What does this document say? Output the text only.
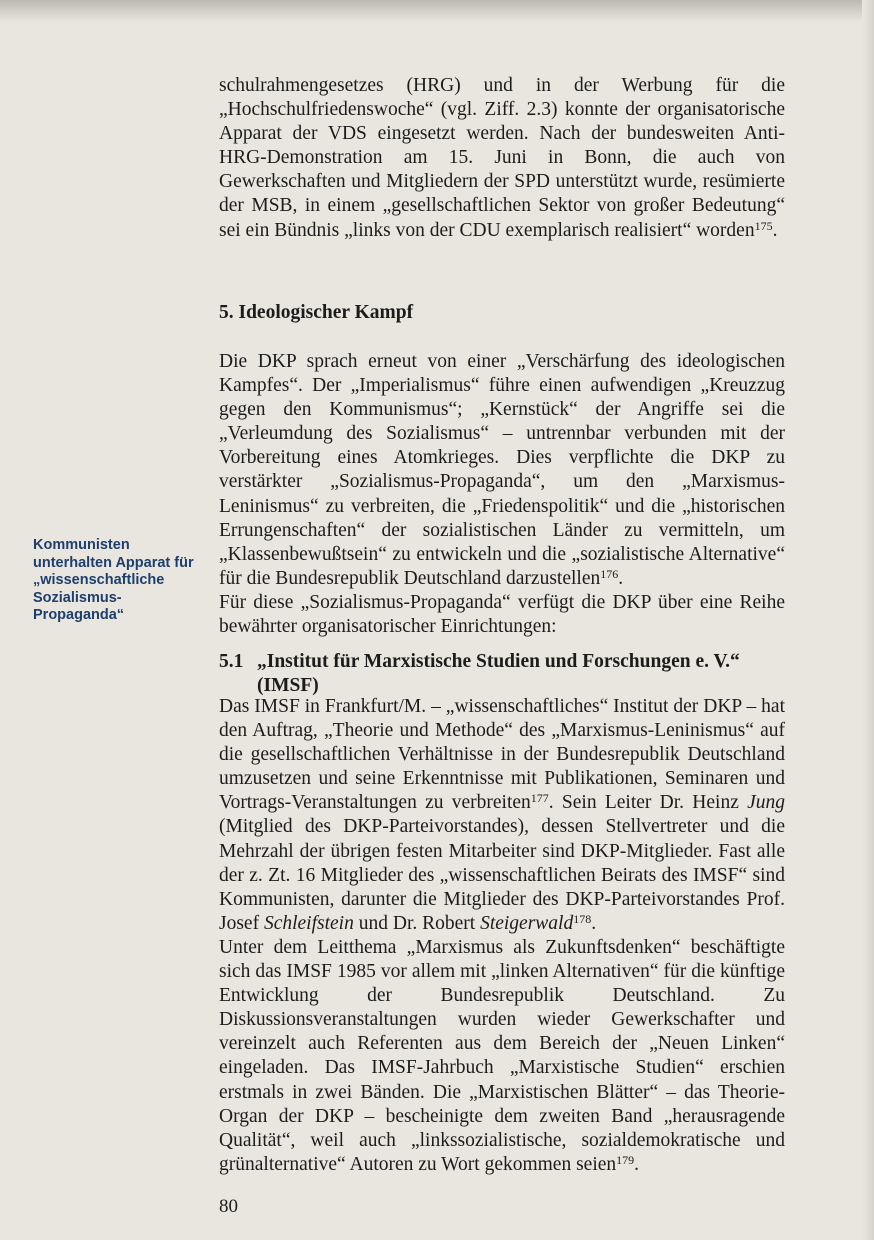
schulrahmengesetzes (HRG) und in der Werbung für die „Hochschulfriedenswoche“ (vgl. Ziff. 2.3) konnte der organisatorische Apparat der VDS eingesetzt werden. Nach der bundesweiten Anti-HRG-Demonstration am 15. Juni in Bonn, die auch von Gewerkschaften und Mitgliedern der SPD unterstützt wurde, resümierte der MSB, in einem „gesellschaftlichen Sektor von großer Bedeutung“ sei ein Bündnis „links von der CDU exemplarisch realisiert“ worden$^{175}$.

5. Ideologischer Kampf

Die DKP sprach erneut von einer „Verschärfung des ideologischen Kampfes“. Der „Imperialismus“ führe einen aufwendigen „Kreuzzug gegen den Kommunismus“; „Kernstück“ der Angriffe sei die „Verleumdung des Sozialismus“ – untrennbar verbunden mit der Vorbereitung eines Atomkrieges. Dies verpflichte die DKP zu verstärkter „Sozialismus-Propaganda“, um den „Marxismus-Leninismus“ zu verbreiten, die „Friedenspolitik“ und die „historischen Errungenschaften“ der sozialistischen Länder zu vermitteln, um „Klassenbewußtsein“ zu entwickeln und die „sozialistische Alternative“ für die Bundesrepublik Deutschland darzustellen$^{176}$.

Für diese „Sozialismus-Propaganda“ verfügt die DKP über eine Reihe bewährter organisatorischer Einrichtungen:

Kommunisten unterhalten Apparat für „wissenschaftliche Sozialismus-Propaganda“
5.1 „Institut für Marxistische Studien und Forschungen e. V.“
(IMSF)

Das IMSF in Frankfurt/M. – „wissenschaftliches“ Institut der DKP – hat den Auftrag, „Theorie und Methode“ des „Marxismus-Leninismus“ auf die gesellschaftlichen Verhältnisse in der Bundesrepublik Deutschland umzusetzen und seine Erkenntnisse mit Publikationen, Seminaren und Vortrags-Veranstaltungen zu verbreiten$^{177}$. Sein Leiter Dr. Heinz Jung (Mitglied des DKP-Parteivorstandes), dessen Stellvertreter und die Mehrzahl der übrigen festen Mitarbeiter sind DKP-Mitglieder. Fast alle der z. Zt. 16 Mitglieder des „wissenschaftlichen Beirats des IMSF“ sind Kommunisten, darunter die Mitglieder des DKP-Parteivorstandes Prof. Josef Schleifstein und Dr. Robert Steigerwald$^{178}$.

Unter dem Leitthema „Marxismus als Zukunftsdenken“ beschäftigte sich das IMSF 1985 vor allem mit „linken Alternativen“ für die künftige Entwicklung der Bundesrepublik Deutschland. Zu Diskussionsveranstaltungen wurden wieder Gewerkschafter und vereinzelt auch Referenten aus dem Bereich der „Neuen Linken“ eingeladen. Das IMSF-Jahrbuch „Marxistische Studien“ erschien erstmals in zwei Bänden. Die „Marxistischen Blätter“ – das Theorie-Organ der DKP – bescheinigte dem zweiten Band „herausragende Qualität“, weil auch „linkssozialistische, sozialdemokratische und grünalternative“ Autoren zu Wort gekommen seien$^{179}$.

80
